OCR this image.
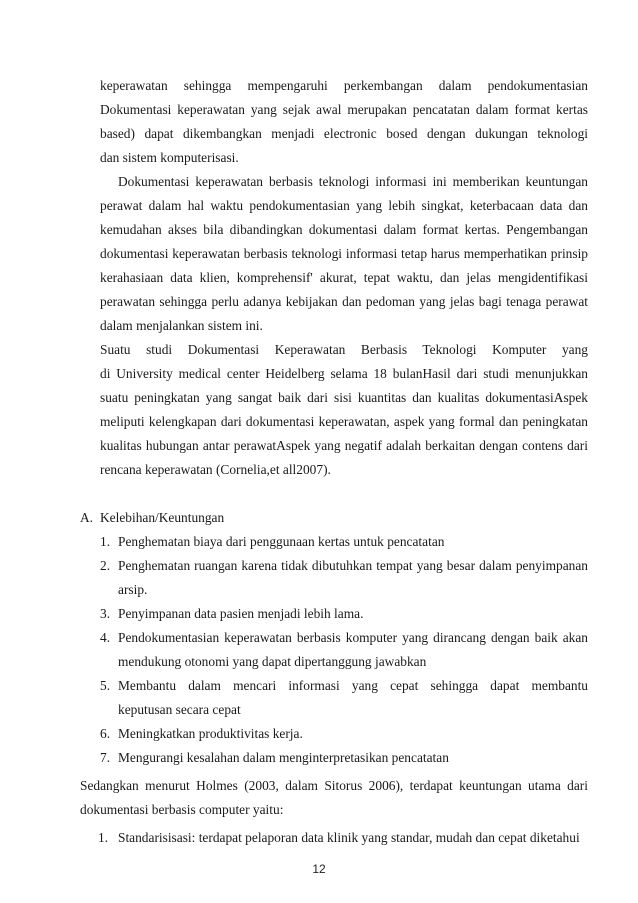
keperawatan sehingga mempengaruhi perkembangan dalam pendokumentasian
Dokumentasi keperawatan yang sejak awal merupakan pencatatan dalam format kertas
based) dapat dikembangkan menjadi electronic bosed dengan dukungan teknologi
dan sistem komputerisasi.
Dokumentasi keperawatan berbasis teknologi informasi ini memberikan keuntungan
perawat dalam hal waktu pendokumentasian yang lebih singkat, keterbacaan data dan
kemudahan akses bila dibandingkan dokumentasi dalam format kertas. Pengembangan
dokumentasi keperawatan berbasis teknologi informasi tetap harus memperhatikan prinsip
kerahasiaan data klien, komprehensif' akurat, tepat waktu, dan jelas mengidentifikasi
perawatan sehingga perlu adanya kebijakan dan pedoman yang jelas bagi tenaga perawat
dalam menjalankan sistem ini.
Suatu studi Dokumentasi Keperawatan Berbasis Teknologi Komputer yang
di University medical center Heidelberg selama 18 bulanHasil dari studi menunjukkan
suatu peningkatan yang sangat baik dari sisi kuantitas dan kualitas dokumentasiAspek
meliputi kelengkapan dari dokumentasi keperawatan, aspek yang formal dan peningkatan
kualitas hubungan antar perawatAspek yang negatif adalah berkaitan dengan contens dari
rencana keperawatan (Cornelia,et all2007).
A. Kelebihan/Keuntungan
1. Penghematan biaya dari penggunaan kertas untuk pencatatan
2. Penghematan ruangan karena tidak dibutuhkan tempat yang besar dalam penyimpanan
arsip.
3. Penyimpanan data pasien menjadi lebih lama.
4. Pendokumentasian keperawatan berbasis komputer yang dirancang dengan baik akan
mendukung otonomi yang dapat dipertanggung jawabkan
5. Membantu dalam mencari informasi yang cepat sehingga dapat membantu
keputusan secara cepat
6. Meningkatkan produktivitas kerja.
7. Mengurangi kesalahan dalam menginterpretasikan pencatatan
Sedangkan menurut Holmes (2003, dalam Sitorus 2006), terdapat keuntungan utama dari
dokumentasi berbasis computer yaitu:
1. Standarisisasi: terdapat pelaporan data klinik yang standar, mudah dan cepat diketahui
12
